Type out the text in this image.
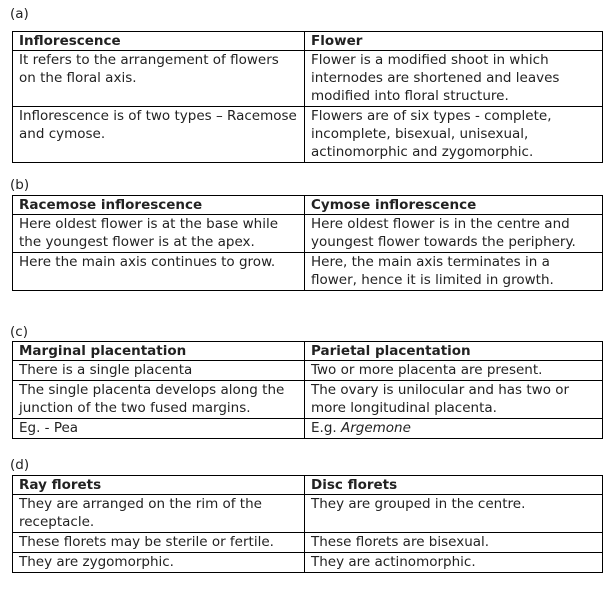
(a)
Inflorescence	Flower
It refers to the arrangement of flowers on the floral axis.	Flower is a modified shoot in which internodes are shortened and leaves modified into floral structure.
Inflorescence is of two types – Racemose and cymose.	Flowers are of six types - complete, incomplete, bisexual, unisexual, actinomorphic and zygomorphic.
(b)
Racemose inflorescence	Cymose inflorescence
Here oldest flower is at the base while the youngest flower is at the apex.	Here oldest flower is in the centre and youngest flower towards the periphery.
Here the main axis continues to grow.	Here, the main axis terminates in a flower, hence it is limited in growth.
(c)
Marginal placentation	Parietal placentation
There is a single placenta	Two or more placenta are present.
The single placenta develops along the junction of the two fused margins.	The ovary is unilocular and has two or more longitudinal placenta.
Eg. - Pea	E.g. Argemone
(d)
Ray florets	Disc florets
They are arranged on the rim of the receptacle.	They are grouped in the centre.
These florets may be sterile or fertile.	These florets are bisexual.
They are zygomorphic.	They are actinomorphic.
